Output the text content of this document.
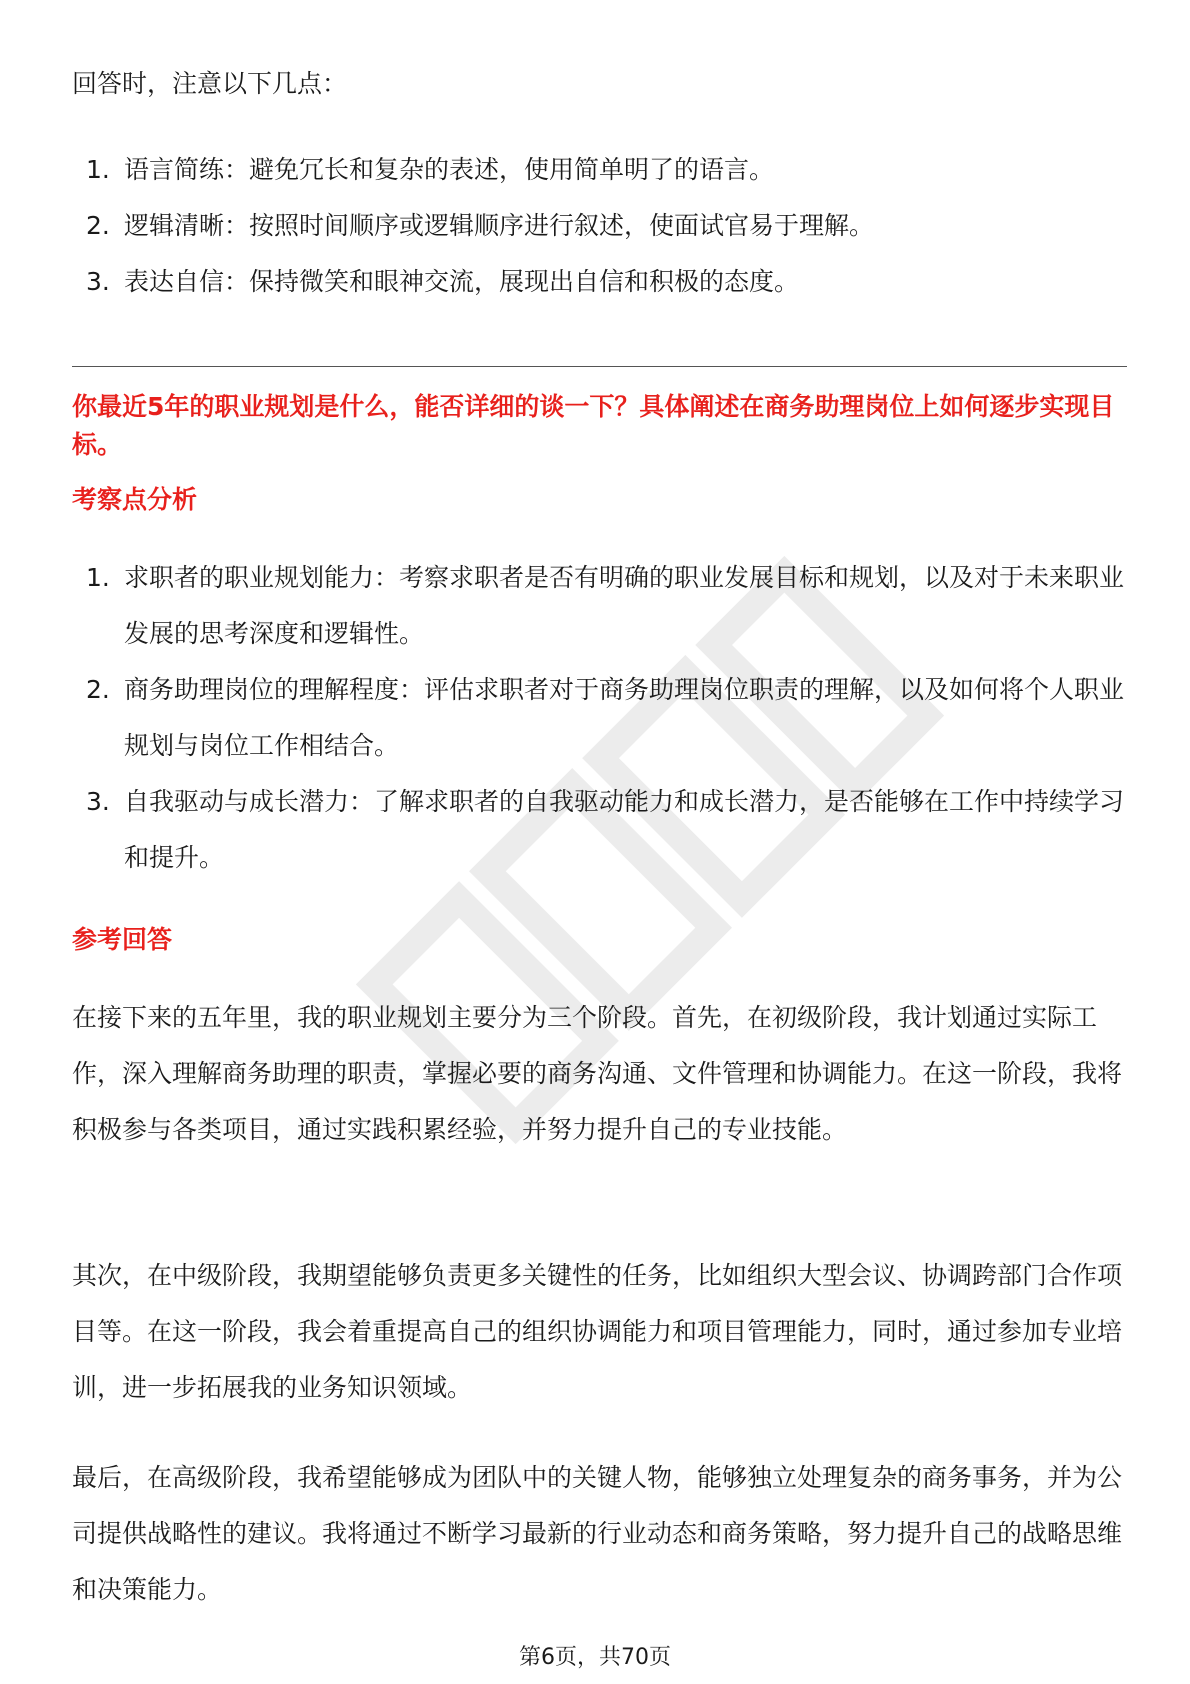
回答时，注意以下几点：
1. 语言简练：避免冗长和复杂的表述，使用简单明了的语言。
2. 逻辑清晰：按照时间顺序或逻辑顺序进行叙述，使面试官易于理解。
3. 表达自信：保持微笑和眼神交流，展现出自信和积极的态度。
你最近5年的职业规划是什么，能否详细的谈一下？具体阐述在商务助理岗位上如何逐步实现目标。
考察点分析
1. 求职者的职业规划能力：考察求职者是否有明确的职业发展目标和规划，以及对于未来职业发展的思考深度和逻辑性。
2. 商务助理岗位的理解程度：评估求职者对于商务助理岗位职责的理解，以及如何将个人职业规划与岗位工作相结合。
3. 自我驱动与成长潜力：了解求职者的自我驱动能力和成长潜力，是否能够在工作中持续学习和提升。
参考回答

在接下来的五年里，我的职业规划主要分为三个阶段。首先，在初级阶段，我计划通过实际工作，深入理解商务助理的职责，掌握必要的商务沟通、文件管理和协调能力。在这一阶段，我将积极参与各类项目，通过实践积累经验，并努力提升自己的专业技能。

其次，在中级阶段，我期望能够负责更多关键性的任务，比如组织大型会议、协调跨部门合作项目等。在这一阶段，我会着重提高自己的组织协调能力和项目管理能力，同时，通过参加专业培训，进一步拓展我的业务知识领域。

最后，在高级阶段，我希望能够成为团队中的关键人物，能够独立处理复杂的商务事务，并为公司提供战略性的建议。我将通过不断学习最新的行业动态和商务策略，努力提升自己的战略思维和决策能力。

第6页，共70页
